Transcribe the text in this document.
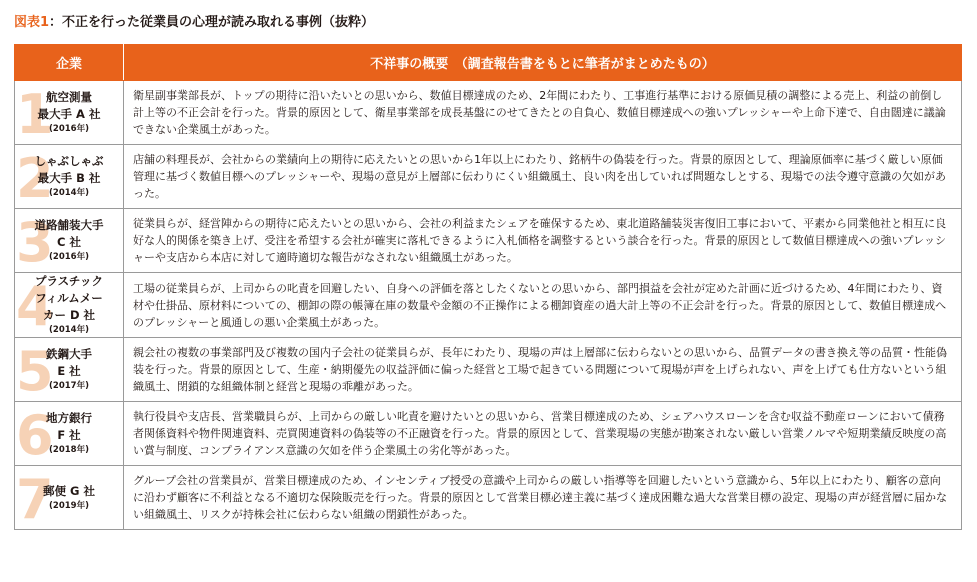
図表1：不正を行った従業員の心理が読み取れる事例（抜粋）
企業	不祥事の概要　（調査報告書をもとに筆者がまとめたもの）

1
航空測量
最大手 A 社
(2016年)	衛星副事業部長が、トップの期待に沿いたいとの思いから、数値目標達成のため、2年間にわたり、工事進行基準における原価見積の調整による売上、利益の前倒し計上等の不正会計を行った。背景的原因として、衛星事業部を成長基盤にのせてきたとの自負心、数値目標達成への強いプレッシャーや上命下達で、自由闊達に議論できない企業風土があった。

2
しゃぶしゃぶ
最大手 B 社
(2014年)	店舗の料理長が、会社からの業績向上の期待に応えたいとの思いから1年以上にわたり、銘柄牛の偽装を行った。背景的原因として、理論原価率に基づく厳しい原価管理に基づく数値目標へのプレッシャーや、現場の意見が上層部に伝わりにくい組織風土、良い肉を出していれば問題なしとする、現場での法令遵守意識の欠如があった。

3
道路舗装大手
C 社
(2016年)	従業員らが、経営陣からの期待に応えたいとの思いから、会社の利益またシェアを確保するため、東北道路舗装災害復旧工事において、平素から同業他社と相互に良好な人的関係を築き上げ、受注を希望する会社が確実に落札できるように入札価格を調整するという談合を行った。背景的原因として数値目標達成への強いプレッシャーや支店から本店に対して適時適切な報告がなされない組織風土があった。

4
プラスチック
フィルムメー
カー D 社
(2014年)	工場の従業員らが、上司からの叱責を回避したい、自身への評価を落としたくないとの思いから、部門損益を会社が定めた計画に近づけるため、4年間にわたり、資材や仕掛品、原材料についての、棚卸の際の帳簿在庫の数量や金額の不正操作による棚卸資産の過大計上等の不正会計を行った。背景的原因として、数値目標達成へのプレッシャーと風通しの悪い企業風土があった。

5
鉄鋼大手
E 社
(2017年)	親会社の複数の事業部門及び複数の国内子会社の従業員らが、長年にわたり、現場の声は上層部に伝わらないとの思いから、品質データの書き換え等の品質・性能偽装を行った。背景的原因として、生産・納期優先の収益評価に偏った経営と工場で起きている問題について現場が声を上げられない、声を上げても仕方ないという組織風土、閉鎖的な組織体制と経営と現場の乖離があった。

6
地方銀行
F 社
(2018年)	執行役員や支店長、営業職員らが、上司からの厳しい叱責を避けたいとの思いから、営業目標達成のため、シェアハウスローンを含む収益不動産ローンにおいて債務者関係資料や物件関連資料、売買関連資料の偽装等の不正融資を行った。背景的原因として、営業現場の実態が勘案されない厳しい営業ノルマや短期業績反映度の高い賞与制度、コンプライアンス意識の欠如を伴う企業風土の劣化等があった。

7
郵便 G 社
(2019年)	グループ会社の営業員が、営業目標達成のため、インセンティブ授受の意識や上司からの厳しい指導等を回避したいという意識から、5年以上にわたり、顧客の意向に沿わず顧客に不利益となる不適切な保険販売を行った。背景的原因として営業目標必達主義に基づく達成困難な過大な営業目標の設定、現場の声が経営層に届かない組織風土、リスクが持株会社に伝わらない組織の閉鎖性があった。
